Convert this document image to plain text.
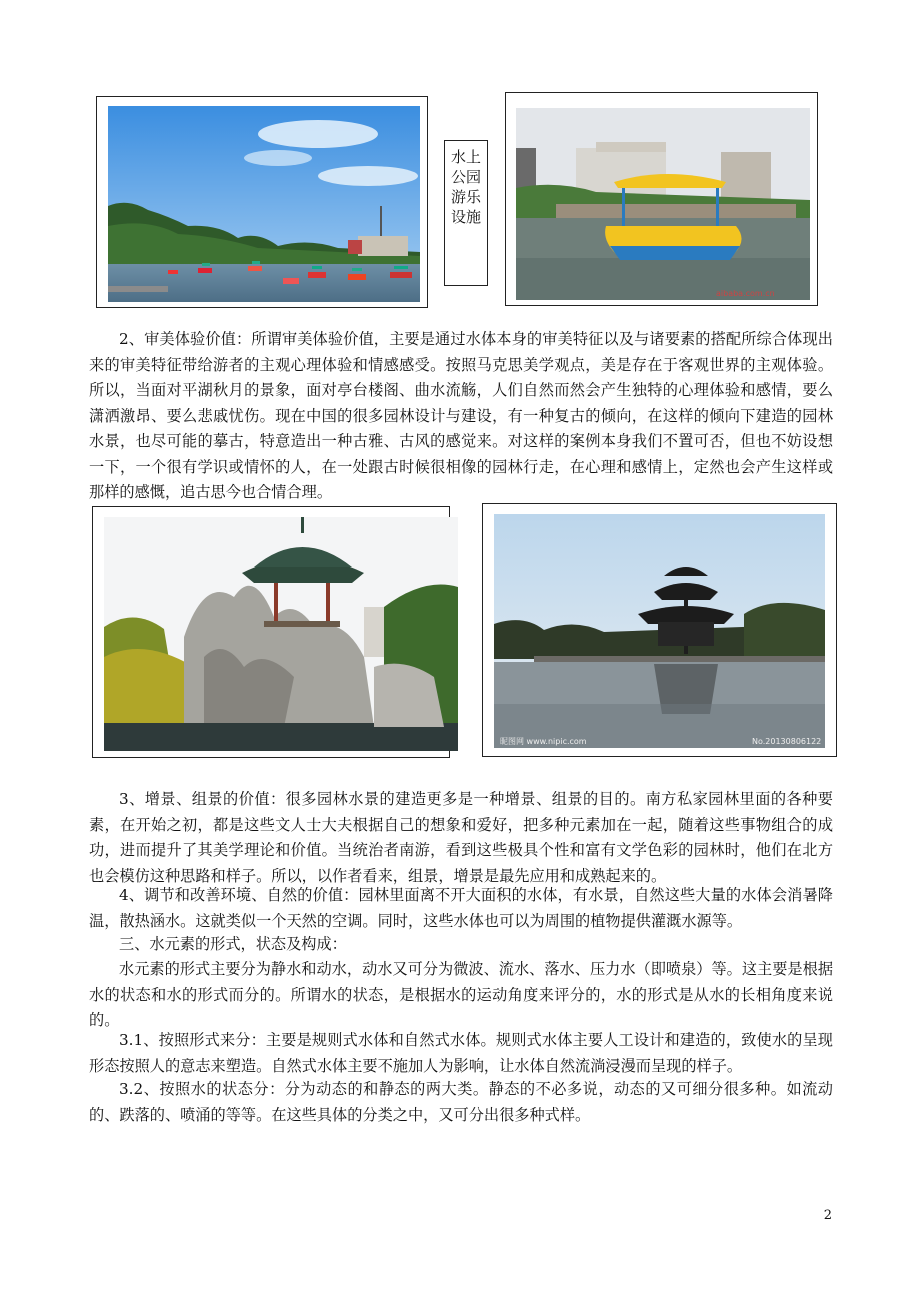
水上公园游乐设施
aibaba.com.cn

2、审美体验价值：所谓审美体验价值，主要是通过水体本身的审美特征以及与诸要素的搭配所综合体现出来的审美特征带给游者的主观心理体验和情感感受。按照马克思美学观点，美是存在于客观世界的主观体验。所以，当面对平湖秋月的景象，面对亭台楼阁、曲水流觞，人们自然而然会产生独特的心理体验和感情，要么潇洒激昂、要么悲戚忧伤。现在中国的很多园林设计与建设，有一种复古的倾向，在这样的倾向下建造的园林水景，也尽可能的摹古，特意造出一种古雅、古风的感觉来。对这样的案例本身我们不置可否，但也不妨设想一下，一个很有学识或情怀的人，在一处跟古时候很相像的园林行走，在心理和感情上，定然也会产生这样或那样的感慨，追古思今也合情合理。

昵图网 www.nipic.com	No.20130806122

3、增景、组景的价值：很多园林水景的建造更多是一种增景、组景的目的。南方私家园林里面的各种要素，在开始之初，都是这些文人士大夫根据自己的想象和爱好，把多种元素加在一起，随着这些事物组合的成功，进而提升了其美学理论和价值。当统治者南游，看到这些极具个性和富有文学色彩的园林时，他们在北方也会模仿这种思路和样子。所以，以作者看来，组景，增景是最先应用和成熟起来的。

4、调节和改善环境、自然的价值：园林里面离不开大面积的水体，有水景，自然这些大量的水体会消暑降温，散热涵水。这就类似一个天然的空调。同时，这些水体也可以为周围的植物提供灌溉水源等。

三、水元素的形式，状态及构成：

水元素的形式主要分为静水和动水，动水又可分为微波、流水、落水、压力水（即喷泉）等。这主要是根据水的状态和水的形式而分的。所谓水的状态，是根据水的运动角度来评分的，水的形式是从水的长相角度来说的。

3.1、按照形式来分：主要是规则式水体和自然式水体。规则式水体主要人工设计和建造的，致使水的呈现形态按照人的意志来塑造。自然式水体主要不施加人为影响，让水体自然流淌浸漫而呈现的样子。

3.2、按照水的状态分：分为动态的和静态的两大类。静态的不必多说，动态的又可细分很多种。如流动的、跌落的、喷涌的等等。在这些具体的分类之中，又可分出很多种式样。

2
